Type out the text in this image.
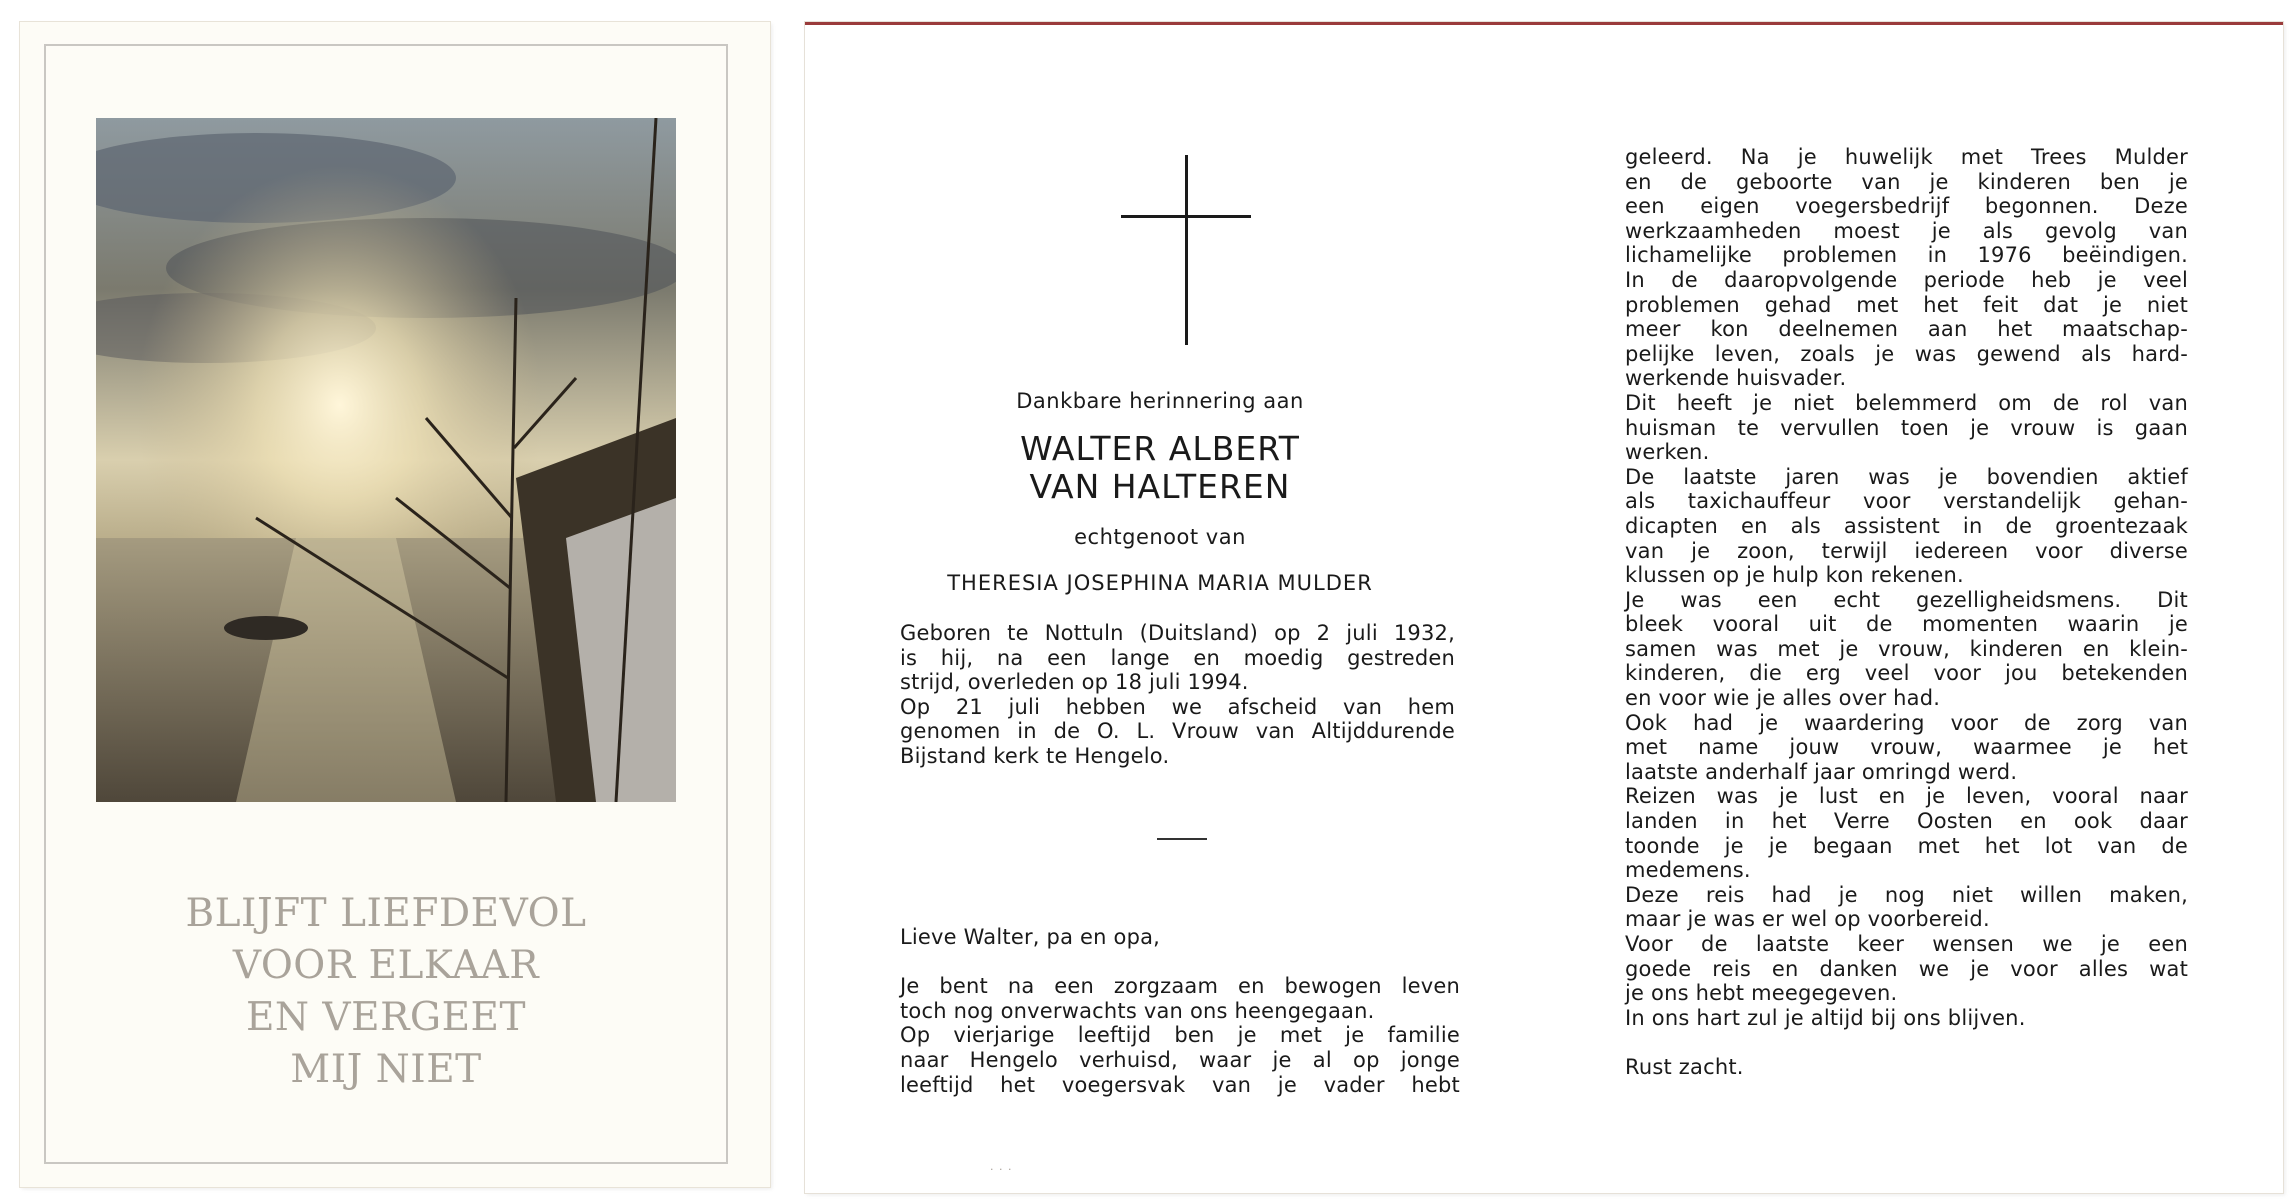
BLIJFT LIEFDEVOL
VOOR ELKAAR
EN VERGEET
MIJ NIET
Dankbare herinnering aan
WALTER ALBERT
VAN HALTEREN
echtgenoot van
THERESIA JOSEPHINA MARIA MULDER
Geboren te Nottuln (Duitsland) op 2 juli 1932,
is hij, na een lange en moedig gestreden
strijd, overleden op 18 juli 1994.
Op 21 juli hebben we afscheid van hem
genomen in de O. L. Vrouw van Altijddurende
Bijstand kerk te Hengelo.
Lieve Walter, pa en opa,
Je bent na een zorgzaam en bewogen leven
toch nog onverwachts van ons heengegaan.
Op vierjarige leeftijd ben je met je familie
naar Hengelo verhuisd, waar je al op jonge
leeftijd het voegersvak van je vader hebt
geleerd. Na je huwelijk met Trees Mulder
en de geboorte van je kinderen ben je
een eigen voegersbedrijf begonnen. Deze
werkzaamheden moest je als gevolg van
lichamelijke problemen in 1976 beëindigen.
In de daaropvolgende periode heb je veel
problemen gehad met het feit dat je niet
meer kon deelnemen aan het maatschap-
pelijke leven, zoals je was gewend als hard-
werkende huisvader.
Dit heeft je niet belemmerd om de rol van
huisman te vervullen toen je vrouw is gaan
werken.
De laatste jaren was je bovendien aktief
als taxichauffeur voor verstandelijk gehan-
dicapten en als assistent in de groentezaak
van je zoon, terwijl iedereen voor diverse
klussen op je hulp kon rekenen.
Je was een echt gezelligheidsmens. Dit
bleek vooral uit de momenten waarin je
samen was met je vrouw, kinderen en klein-
kinderen, die erg veel voor jou betekenden
en voor wie je alles over had.
Ook had je waardering voor de zorg van
met name jouw vrouw, waarmee je het
laatste anderhalf jaar omringd werd.
Reizen was je lust en je leven, vooral naar
landen in het Verre Oosten en ook daar
toonde je je begaan met het lot van de
medemens.
Deze reis had je nog niet willen maken,
maar je was er wel op voorbereid.
Voor de laatste keer wensen we je een
goede reis en danken we je voor alles wat
je ons hebt meegegeven.
In ons hart zul je altijd bij ons blijven.
Rust zacht.
· · ·
